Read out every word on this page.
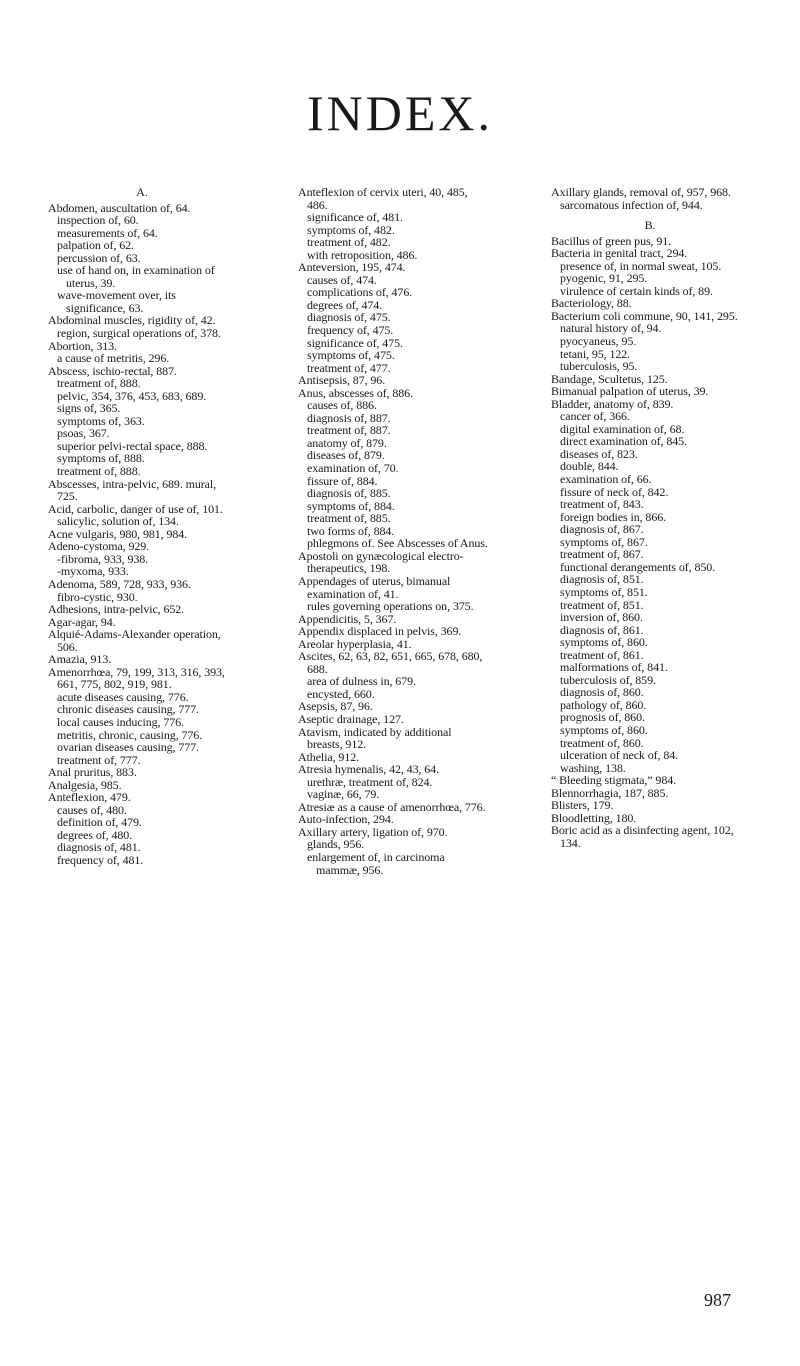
INDEX.

A.

Abdomen, auscultation of, 64.

inspection of, 60.

measurements of, 64.

palpation of, 62.

percussion of, 63.

use of hand on, in examination of uterus, 39.

wave-movement over, its significance, 63.

Abdominal muscles, rigidity of, 42.

region, surgical operations of, 378.

Abortion, 313.

a cause of metritis, 296.

Abscess, ischio-rectal, 887.

treatment of, 888.

pelvic, 354, 376, 453, 683, 689.

signs of, 365.

symptoms of, 363.

psoas, 367.

superior pelvi-rectal space, 888.

symptoms of, 888.

treatment of, 888.

Abscesses, intra-pelvic, 689. mural, 725.

Acid, carbolic, danger of use of, 101.

salicylic, solution of, 134.

Acne vulgaris, 980, 981, 984.

Adeno-cystoma, 929.

-fibroma, 933, 938.

-myxoma, 933.

Adenoma, 589, 728, 933, 936.

fibro-cystic, 930.

Adhesions, intra-pelvic, 652.

Agar-agar, 94.

Alquié-Adams-Alexander operation, 506.

Amazia, 913.

Amenorrhœa, 79, 199, 313, 316, 393, 661, 775, 802, 919, 981.

acute diseases causing, 776.

chronic diseases causing, 777.

local causes inducing, 776.

metritis, chronic, causing, 776.

ovarian diseases causing, 777.

treatment of, 777.

Anal pruritus, 883.

Analgesia, 985.

Anteflexion, 479.

causes of, 480.

definition of, 479.

degrees of, 480.

diagnosis of, 481.

frequency of, 481.

Anteflexion of cervix uteri, 40, 485, 486.

significance of, 481.

symptoms of, 482.

treatment of, 482.

with retroposition, 486.

Anteversion, 195, 474.

causes of, 474.

complications of, 476.

degrees of, 474.

diagnosis of, 475.

frequency of, 475.

significance of, 475.

symptoms of, 475.

treatment of, 477.

Antisepsis, 87, 96.

Anus, abscesses of, 886.

causes of, 886.

diagnosis of, 887.

treatment of, 887.

anatomy of, 879.

diseases of, 879.

examination of, 70.

fissure of, 884.

diagnosis of, 885.

symptoms of, 884.

treatment of, 885.

two forms of, 884.

phlegmons of. See Abscesses of Anus.

Apostoli on gynæcological electro-therapeutics, 198.

Appendages of uterus, bimanual examination of, 41.

rules governing operations on, 375.

Appendicitis, 5, 367.

Appendix displaced in pelvis, 369.

Areolar hyperplasia, 41.

Ascites, 62, 63, 82, 651, 665, 678, 680, 688.

area of dulness in, 679.

encysted, 660.

Asepsis, 87, 96.

Aseptic drainage, 127.

Atavism, indicated by additional breasts, 912.

Athelia, 912.

Atresia hymenalis, 42, 43, 64.

urethræ, treatment of, 824.

vaginæ, 66, 79.

Atresiæ as a cause of amenorrhœa, 776.

Auto-infection, 294.

Axillary artery, ligation of, 970.

glands, 956.

enlargement of, in carcinoma mammæ, 956.

Axillary glands, removal of, 957, 968.

sarcomatous infection of, 944.

B.

Bacillus of green pus, 91.

Bacteria in genital tract, 294.

presence of, in normal sweat, 105.

pyogenic, 91, 295.

virulence of certain kinds of, 89.

Bacteriology, 88.

Bacterium coli commune, 90, 141, 295.

natural history of, 94.

pyocyaneus, 95.

tetani, 95, 122.

tuberculosis, 95.

Bandage, Scultetus, 125.

Bimanual palpation of uterus, 39.

Bladder, anatomy of, 839.

cancer of, 366.

digital examination of, 68.

direct examination of, 845.

diseases of, 823.

double, 844.

examination of, 66.

fissure of neck of, 842.

treatment of, 843.

foreign bodies in, 866.

diagnosis of, 867.

symptoms of, 867.

treatment of, 867.

functional derangements of, 850.

diagnosis of, 851.

symptoms of, 851.

treatment of, 851.

inversion of, 860.

diagnosis of, 861.

symptoms of, 860.

treatment of, 861.

malformations of, 841.

tuberculosis of, 859.

diagnosis of, 860.

pathology of, 860.

prognosis of, 860.

symptoms of, 860.

treatment of, 860.

ulceration of neck of, 84.

washing, 138.

“ Bleeding stigmata,” 984.

Blennorrhagia, 187, 885.

Blisters, 179.

Bloodletting, 180.

Boric acid as a disinfecting agent, 102, 134.

987
